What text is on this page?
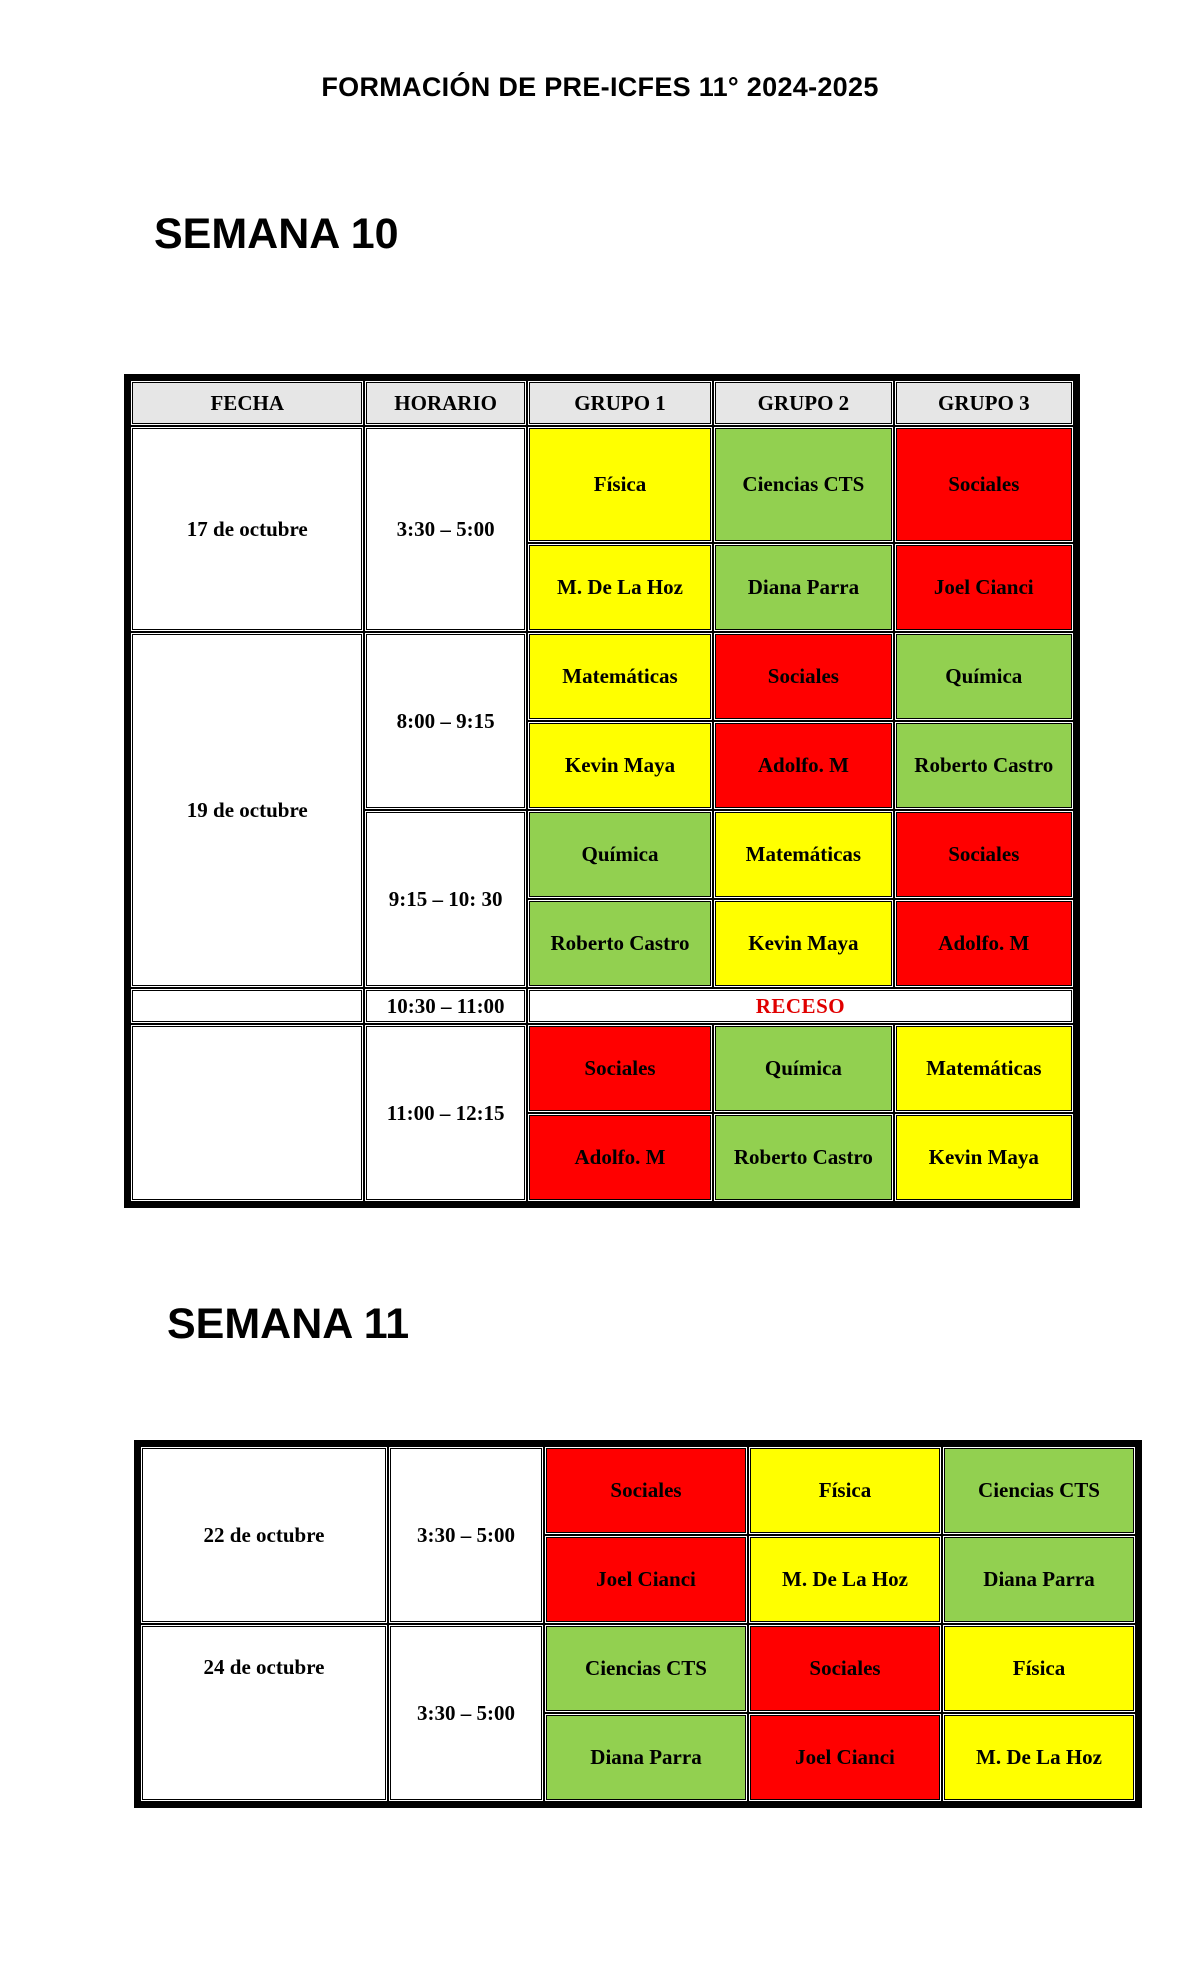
FORMACIÓN DE PRE-ICFES 11° 2024-2025
SEMANA 10
FECHA	HORARIO	GRUPO 1	GRUPO 2	GRUPO 3
17 de octubre	3:30 – 5:00	Física	Ciencias CTS	Sociales
		M. De La Hoz	Diana Parra	Joel Cianci
19 de octubre	8:00 – 9:15	Matemáticas	Sociales	Química
		Kevin Maya	Adolfo. M	Roberto Castro
	9:15 – 10: 30	Química	Matemáticas	Sociales
		Roberto Castro	Kevin Maya	Adolfo. M
	10:30 – 11:00	RECESO		
	11:00 – 12:15	Sociales	Química	Matemáticas
		Adolfo. M	Roberto Castro	Kevin Maya
SEMANA 11
22 de octubre	3:30 – 5:00	Sociales	Física	Ciencias CTS
		Joel Cianci	M. De La Hoz	Diana Parra
24 de octubre	3:30 – 5:00	Ciencias CTS	Sociales	Física
		Diana Parra	Joel Cianci	M. De La Hoz
